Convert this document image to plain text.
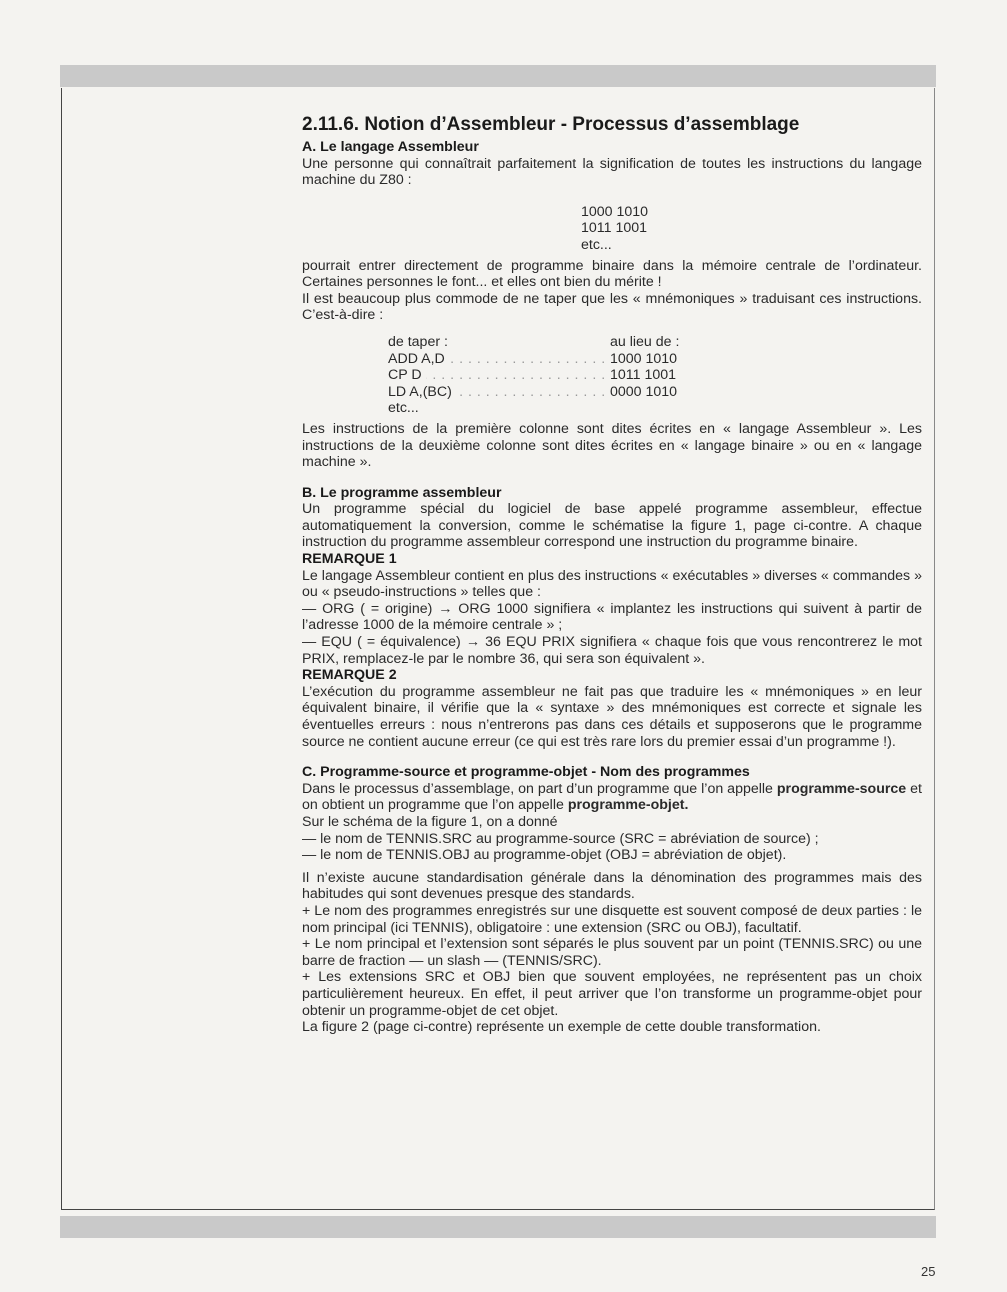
2.11.6. Notion d’Assembleur - Processus d’assemblage
A. Le langage Assembleur

Une personne qui connaîtrait parfaitement la signification de toutes les instructions du langage machine du Z80 :

1000 1010
1011 1001
etc...

pourrait entrer directement de programme binaire dans la mémoire centrale de l’ordinateur. Certaines personnes le font... et elles ont bien du mérite !

Il est beaucoup plus commode de ne taper que les « mnémoniques » traduisant ces instructions. C’est-à-dire :

de taper :	au lieu de :

ADD A,D . . .	1000 1010

CP D . . .	1011 1001

LD A,(BC) . . .	0000 1010
etc...	

Les instructions de la première colonne sont dites écrites en « langage Assembleur ». Les instructions de la deuxième colonne sont dites écrites en « langage binaire » ou en « langage machine ».

B. Le programme assembleur

Un programme spécial du logiciel de base appelé programme assembleur, effectue automatiquement la conversion, comme le schématise la figure 1, page ci-contre. A chaque instruction du programme assembleur correspond une instruction du programme binaire.

REMARQUE 1

Le langage Assembleur contient en plus des instructions « exécutables » diverses « commandes » ou « pseudo-instructions » telles que :

— ORG ( = origine) → ORG 1000 signifiera « implantez les instructions qui suivent à partir de l’adresse 1000 de la mémoire centrale » ;

— EQU ( = équivalence) → 36 EQU PRIX signifiera « chaque fois que vous rencontrerez le mot PRIX, remplacez-le par le nombre 36, qui sera son équivalent ».

REMARQUE 2

L’exécution du programme assembleur ne fait pas que traduire les « mnémoniques » en leur équivalent binaire, il vérifie que la « syntaxe » des mnémoniques est correcte et signale les éventuelles erreurs : nous n’entrerons pas dans ces détails et supposerons que le programme source ne contient aucune erreur (ce qui est très rare lors du premier essai d’un programme !).

C. Programme-source et programme-objet - Nom des programmes

Dans le processus d’assemblage, on part d’un programme que l’on appelle programme-source et on obtient un programme que l’on appelle programme-objet.

Sur le schéma de la figure 1, on a donné

— le nom de TENNIS.SRC au programme-source (SRC = abréviation de source) ;

— le nom de TENNIS.OBJ au programme-objet (OBJ = abréviation de objet).

Il n’existe aucune standardisation générale dans la dénomination des programmes mais des habitudes qui sont devenues presque des standards.

+ Le nom des programmes enregistrés sur une disquette est souvent composé de deux parties : le nom principal (ici TENNIS), obligatoire : une extension (SRC ou OBJ), facultatif.

+ Le nom principal et l’extension sont séparés le plus souvent par un point (TENNIS.SRC) ou une barre de fraction — un slash — (TENNIS/SRC).

+ Les extensions SRC et OBJ bien que souvent employées, ne représentent pas un choix particulièrement heureux. En effet, il peut arriver que l’on transforme un programme-objet pour obtenir un programme-objet de cet objet.

La figure 2 (page ci-contre) représente un exemple de cette double transformation.

25
